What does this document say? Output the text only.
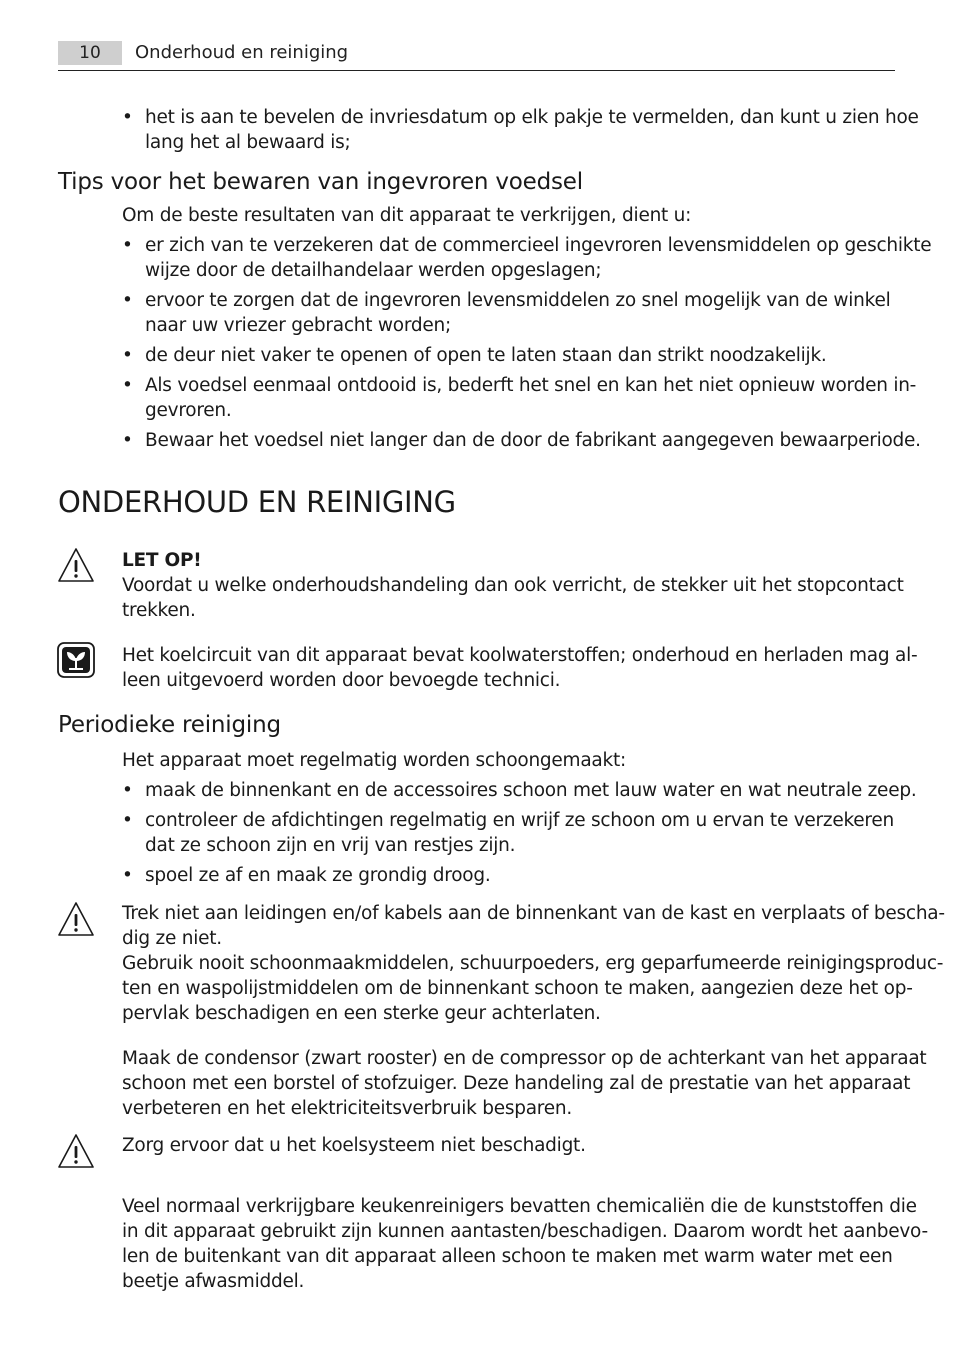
10	Onderhoud en reiniging
• het is aan te bevelen de invriesdatum op elk pakje te vermelden, dan kunt u zien hoe
lang het al bewaard is;
Tips voor het bewaren van ingevroren voedsel
Om de beste resultaten van dit apparaat te verkrijgen, dient u:
• er zich van te verzekeren dat de commercieel ingevroren levensmiddelen op geschikte
wijze door de detailhandelaar werden opgeslagen;
• ervoor te zorgen dat de ingevroren levensmiddelen zo snel mogelijk van de winkel
naar uw vriezer gebracht worden;
• de deur niet vaker te openen of open te laten staan dan strikt noodzakelijk.
• Als voedsel eenmaal ontdooid is, bederft het snel en kan het niet opnieuw worden in-
gevroren.
• Bewaar het voedsel niet langer dan de door de fabrikant aangegeven bewaarperiode.
ONDERHOUD EN REINIGING
LET OP!
Voordat u welke onderhoudshandeling dan ook verricht, de stekker uit het stopcontact
trekken.
Het koelcircuit van dit apparaat bevat koolwaterstoffen; onderhoud en herladen mag al-
leen uitgevoerd worden door bevoegde technici.
Periodieke reiniging
Het apparaat moet regelmatig worden schoongemaakt:
• maak de binnenkant en de accessoires schoon met lauw water en wat neutrale zeep.
• controleer de afdichtingen regelmatig en wrijf ze schoon om u ervan te verzekeren
dat ze schoon zijn en vrij van restjes zijn.
• spoel ze af en maak ze grondig droog.
Trek niet aan leidingen en/of kabels aan de binnenkant van de kast en verplaats of bescha-
dig ze niet.
Gebruik nooit schoonmaakmiddelen, schuurpoeders, erg geparfumeerde reinigingsproduc-
ten en waspolijstmiddelen om de binnenkant schoon te maken, aangezien deze het op-
pervlak beschadigen en een sterke geur achterlaten.
Maak de condensor (zwart rooster) en de compressor op de achterkant van het apparaat
schoon met een borstel of stofzuiger. Deze handeling zal de prestatie van het apparaat
verbeteren en het elektriciteitsverbruik besparen.
Zorg ervoor dat u het koelsysteem niet beschadigt.
Veel normaal verkrijgbare keukenreinigers bevatten chemicaliën die de kunststoffen die
in dit apparaat gebruikt zijn kunnen aantasten/beschadigen. Daarom wordt het aanbevo-
len de buitenkant van dit apparaat alleen schoon te maken met warm water met een
beetje afwasmiddel.
